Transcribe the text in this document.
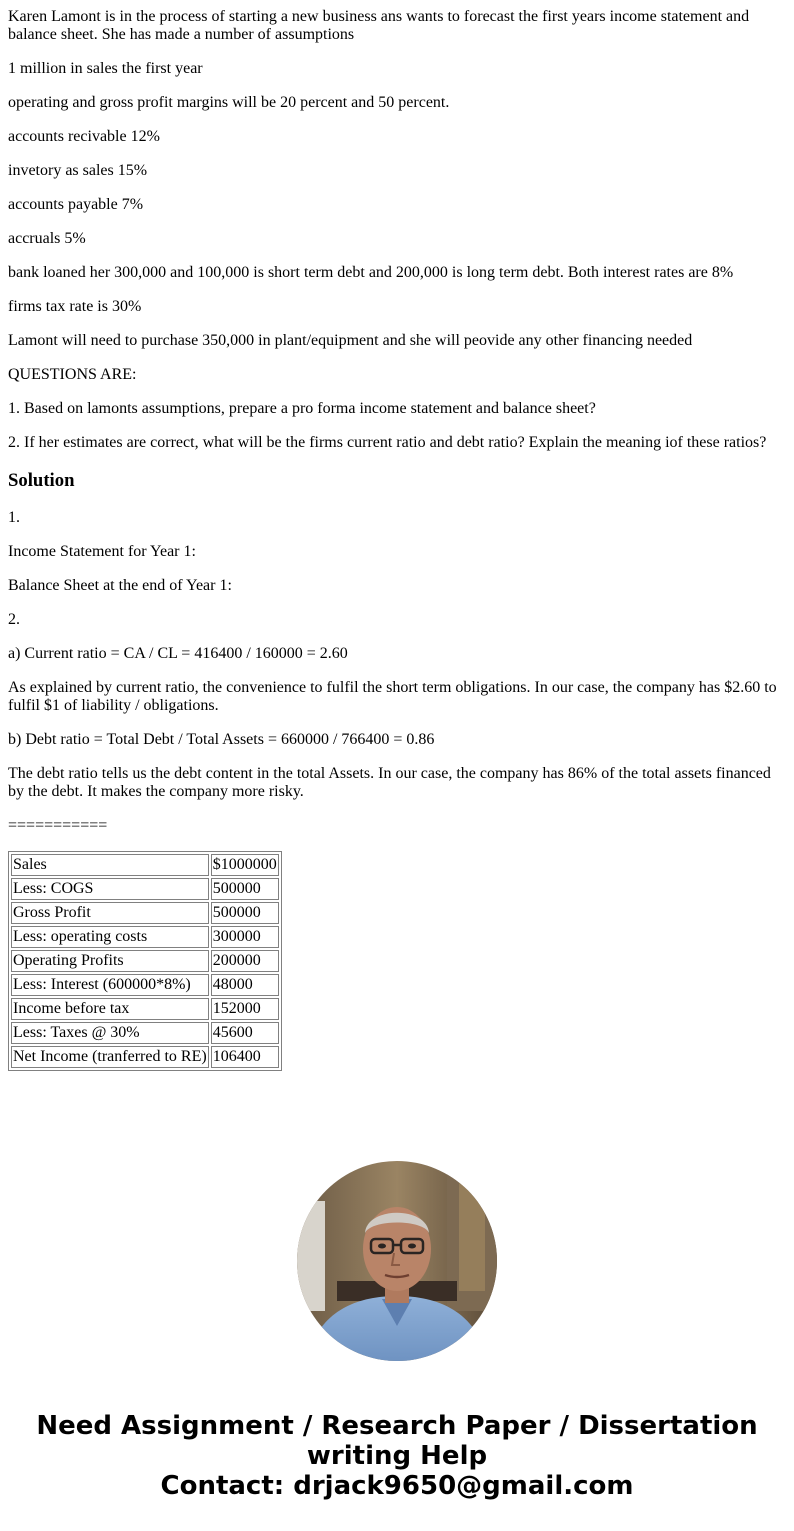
Karen Lamont is in the process of starting a new business ans wants to forecast the first years income statement and balance sheet. She has made a number of assumptions

1 million in sales the first year

operating and gross profit margins will be 20 percent and 50 percent.

accounts recivable 12%

invetory as sales 15%

accounts payable 7%

accruals 5%

bank loaned her 300,000 and 100,000 is short term debt and 200,000 is long term debt. Both interest rates are 8%

firms tax rate is 30%

Lamont will need to purchase 350,000 in plant/equipment and she will peovide any other financing needed

QUESTIONS ARE:

1. Based on lamonts assumptions, prepare a pro forma income statement and balance sheet?

2. If her estimates are correct, what will be the firms current ratio and debt ratio? Explain the meaning iof these ratios?

Solution

1.

Income Statement for Year 1:

Balance Sheet at the end of Year 1:

2.

a) Current ratio = CA / CL = 416400 / 160000 = 2.60

As explained by current ratio, the convenience to fulfil the short term obligations. In our case, the company has $2.60 to fulfil $1 of liability / obligations.

b) Debt ratio = Total Debt / Total Assets = 660000 / 766400 = 0.86

The debt ratio tells us the debt content in the total Assets. In our case, the company has 86% of the total assets financed by the debt. It makes the company more risky.

===========

Sales	$1000000
Less: COGS	500000
Gross Profit	500000
Less: operating costs	300000
Operating Profits	200000
Less: Interest (600000*8%)	48000
Income before tax	152000
Less: Taxes @ 30%	45600
Net Income (tranferred to RE)	106400
Need Assignment / Research Paper / Dissertation
writing Help
Contact: drjack9650@gmail.com
